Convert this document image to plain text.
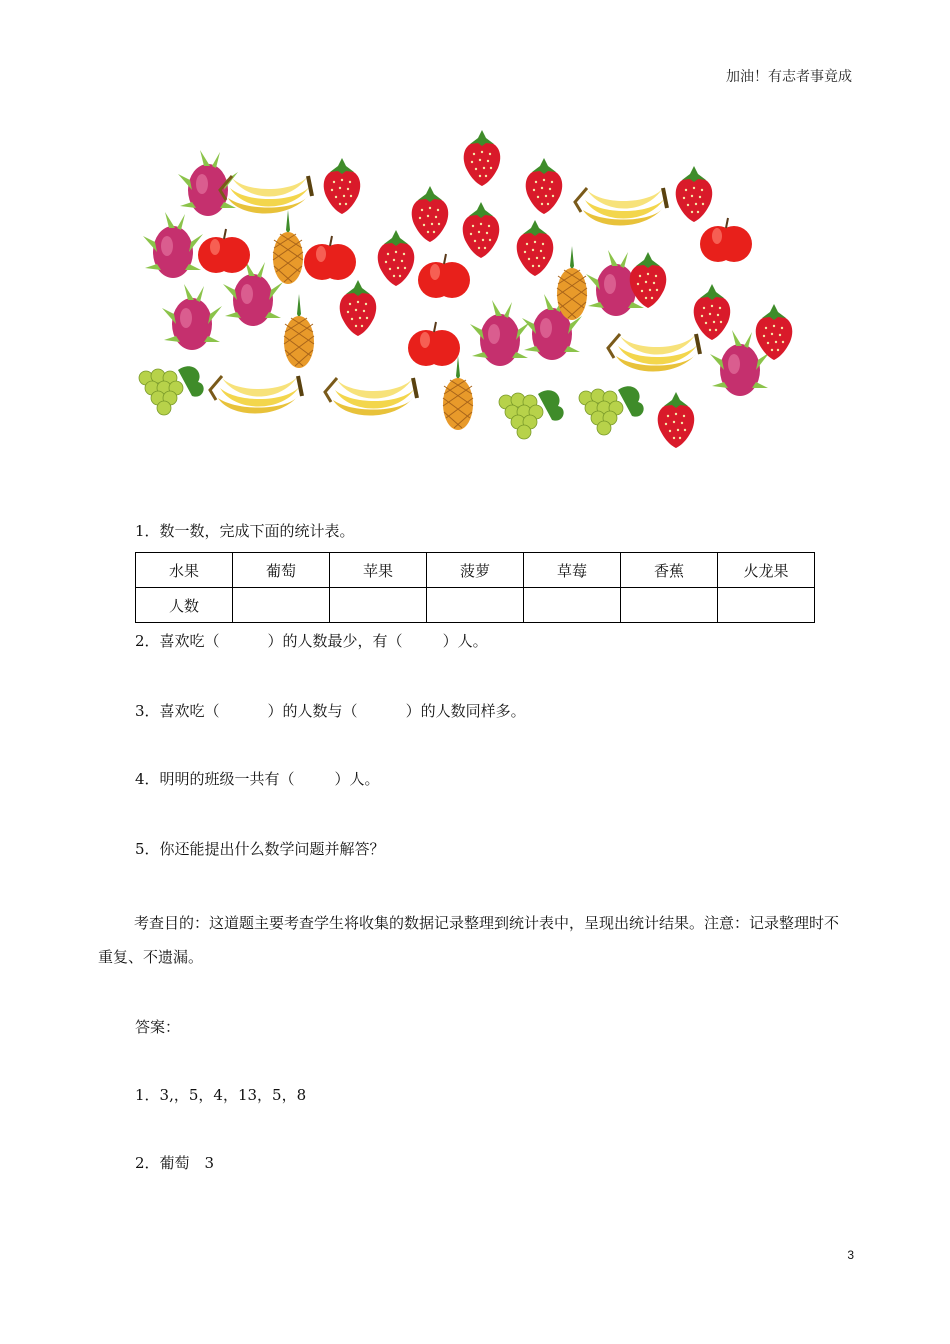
加油！有志者事竟成
1．数一数，完成下面的统计表。
水果	葡萄	苹果	菠萝	草莓	香蕉	火龙果
人数						
2．喜欢吃（	）的人数最少，有（	）人。
3．喜欢吃（	）的人数与（	）的人数同样多。
4．明明的班级一共有（	）人。
5．你还能提出什么数学问题并解答？
考查目的：这道题主要考查学生将收集的数据记录整理到统计表中，呈现出统计结果。注意：记录整理时不重复、不遗漏。
答案：
1．3,，5，4，13，5，8
2．葡萄　3
3
